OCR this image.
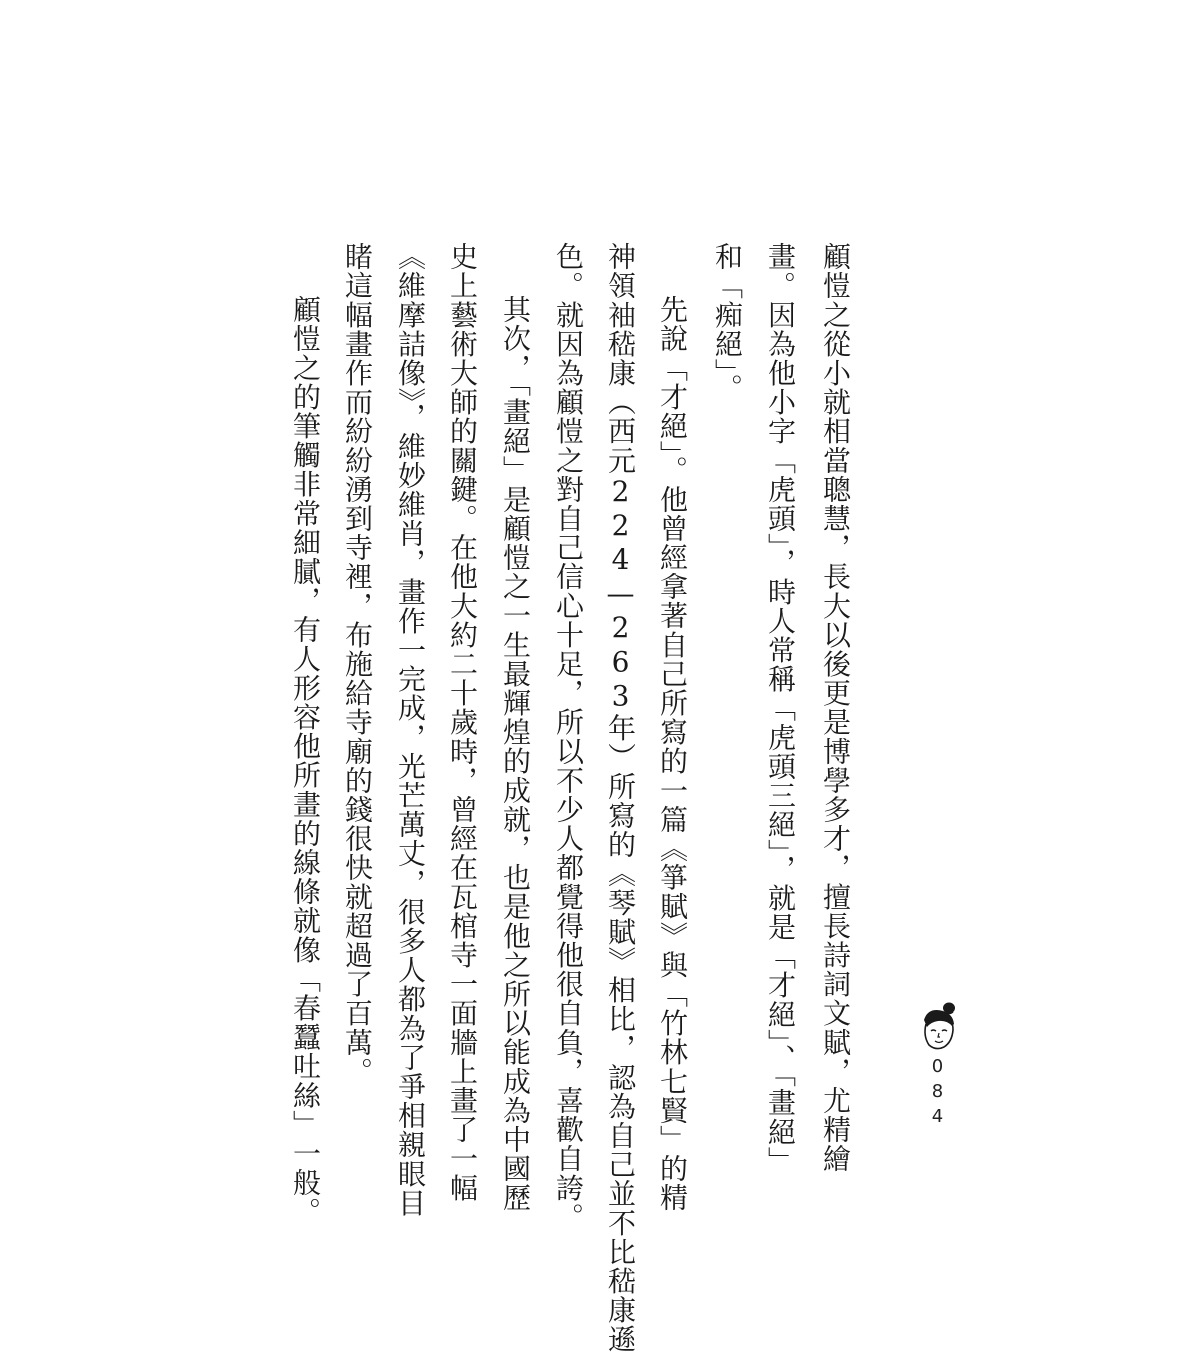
顧愷之從小就相當聰慧，長大以後更是博學多才，擅長詩詞文賦，尤精繪
畫。因為他小字「虎頭」，時人常稱「虎頭三絕」，就是「才絕」、「畫絕」
和「痴絕」。
先說「才絕」。他曾經拿著自己所寫的一篇《箏賦》與「竹林七賢」的精
神領袖嵇康（西元224—263年）所寫的《琴賦》相比，認為自己並不比嵇康遜
色。就因為顧愷之對自己信心十足，所以不少人都覺得他很自負，喜歡自誇。
其次，「畫絕」是顧愷之一生最輝煌的成就，也是他之所以能成為中國歷
史上藝術大師的關鍵。在他大約二十歲時，曾經在瓦棺寺一面牆上畫了一幅
《維摩詰像》，維妙維肖，畫作一完成，光芒萬丈，很多人都為了爭相親眼目
睹這幅畫作而紛紛湧到寺裡，布施給寺廟的錢很快就超過了百萬。
顧愷之的筆觸非常細膩，有人形容他所畫的線條就像「春蠶吐絲」一般。	084
